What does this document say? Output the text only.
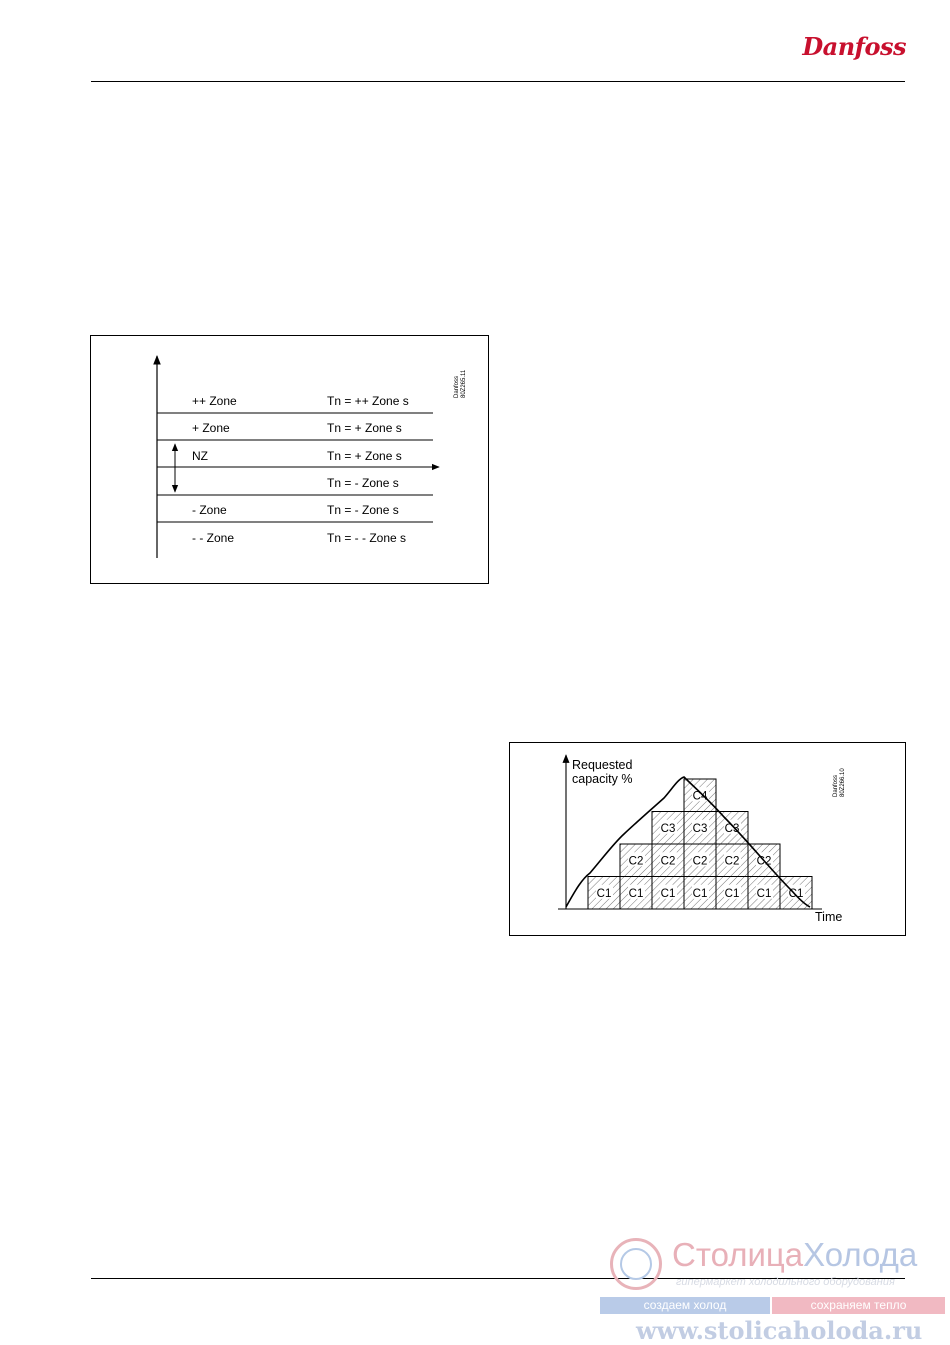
Danfoss
++ Zone
+ Zone
NZ
- Zone
- - Zone
Tn = ++ Zone s
Tn = + Zone s
Tn = + Zone s
Tn = - Zone s
Tn = - Zone s
Tn = - - Zone s
Danfoss80Z265.11
C1 C1
C2
C1
C2
C3
C1
C2
C3
C4
C1
C2
C3
C1
C2
C1
Requested capacity %
Time
Danfoss80Z266.10
СтолицаХолода
гипермаркет холодильного оборудования
создаем холод	сохраняем тепло
www.stolicaholoda.ru
